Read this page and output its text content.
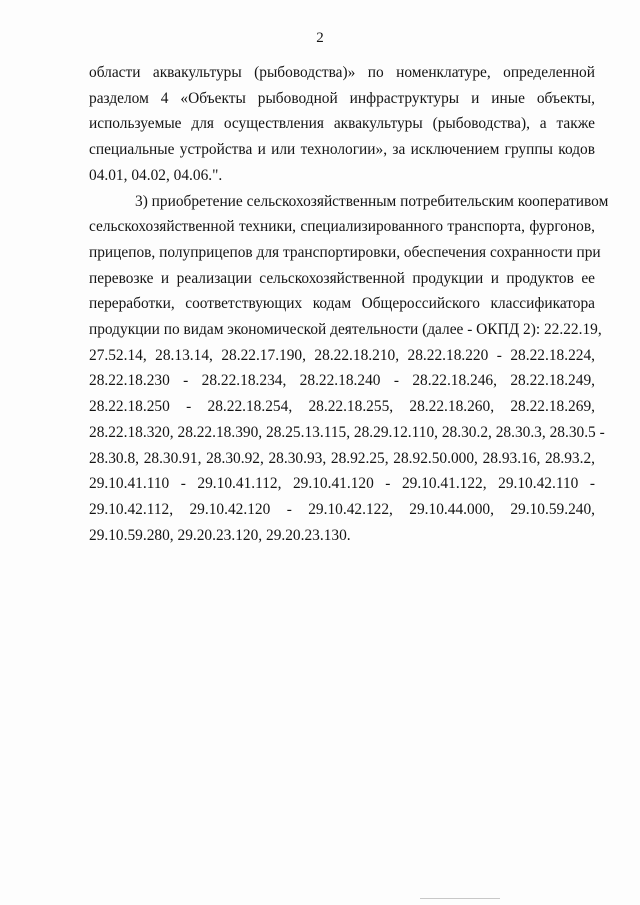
2

области аквакультуры (рыбоводства)» по номенклатуре, определенной
разделом 4 «Объекты рыбоводной инфраструктуры и иные объекты,
используемые для осуществления аквакультуры (рыбоводства), а также
специальные устройства и или технологии», за исключением группы кодов
04.01, 04.02, 04.06.".

3) приобретение сельскохозяйственным потребительским кооперативом
сельскохозяйственной техники, специализированного транспорта, фургонов,
прицепов, полуприцепов для транспортировки, обеспечения сохранности при
перевозке и реализации сельскохозяйственной продукции и продуктов ее
переработки, соответствующих кодам Общероссийского классификатора
продукции по видам экономической деятельности (далее - ОКПД 2): 22.22.19,
27.52.14, 28.13.14, 28.22.17.190, 28.22.18.210, 28.22.18.220 - 28.22.18.224,
28.22.18.230 - 28.22.18.234, 28.22.18.240 - 28.22.18.246, 28.22.18.249,
28.22.18.250 - 28.22.18.254, 28.22.18.255, 28.22.18.260, 28.22.18.269,
28.22.18.320, 28.22.18.390, 28.25.13.115, 28.29.12.110, 28.30.2, 28.30.3, 28.30.5 -
28.30.8, 28.30.91, 28.30.92, 28.30.93, 28.92.25, 28.92.50.000, 28.93.16, 28.93.2,
29.10.41.110 - 29.10.41.112, 29.10.41.120 - 29.10.41.122, 29.10.42.110 -
29.10.42.112, 29.10.42.120 - 29.10.42.122, 29.10.44.000, 29.10.59.240,
29.10.59.280, 29.20.23.120, 29.20.23.130.
